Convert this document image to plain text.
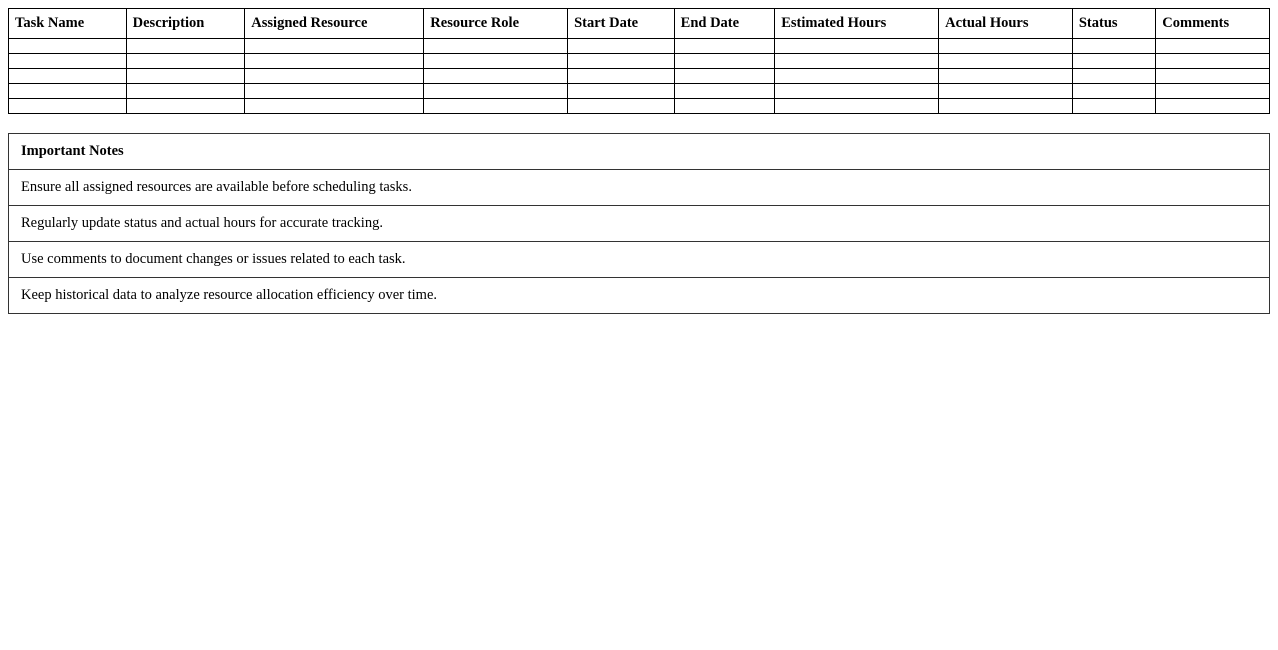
Task Name	Description	Assigned Resource	Resource Role	Start Date	End Date	Estimated Hours	Actual Hours	Status	Comments

Important Notes
Ensure all assigned resources are available before scheduling tasks.
Regularly update status and actual hours for accurate tracking.
Use comments to document changes or issues related to each task.
Keep historical data to analyze resource allocation efficiency over time.
